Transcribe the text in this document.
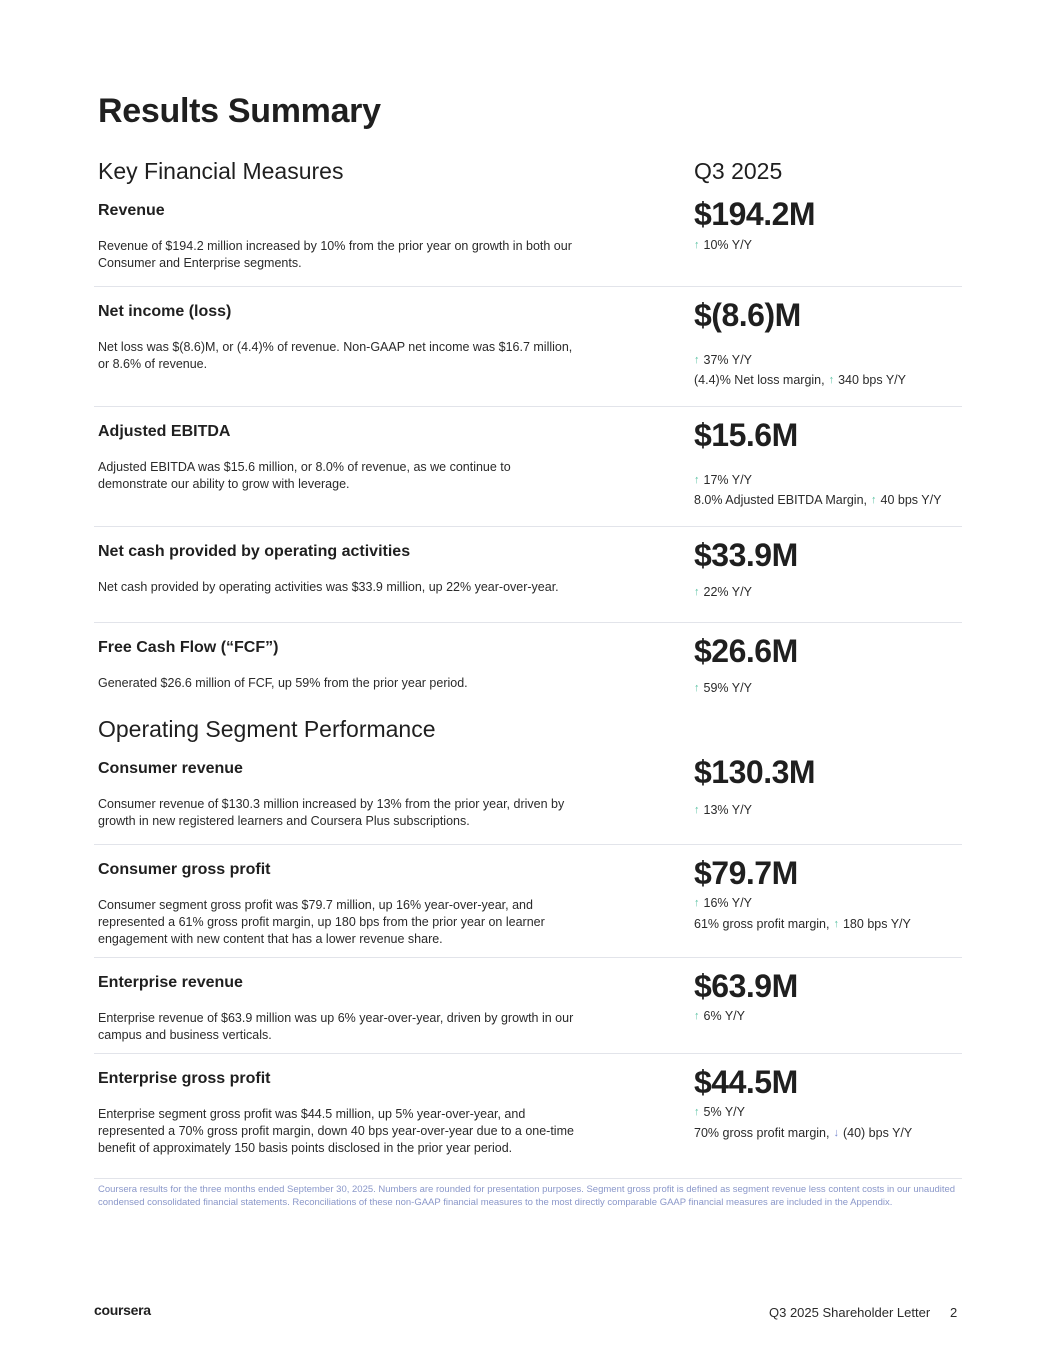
Results Summary
Key Financial Measures	Q3 2025
Revenue
Revenue of $194.2 million increased by 10% from the prior year on growth in both our Consumer and Enterprise segments.
$194.2M
↑ 10% Y/Y
Net income (loss)
Net loss was $(8.6)M, or (4.4)% of revenue. Non-GAAP net income was $16.7 million, or 8.6% of revenue.
$(8.6)M
↑ 37% Y/Y
(4.4)% Net loss margin, ↑ 340 bps Y/Y
Adjusted EBITDA
Adjusted EBITDA was $15.6 million, or 8.0% of revenue, as we continue to demonstrate our ability to grow with leverage.
$15.6M
↑ 17% Y/Y
8.0% Adjusted EBITDA Margin, ↑ 40 bps Y/Y
Net cash provided by operating activities
Net cash provided by operating activities was $33.9 million, up 22% year-over-year.
$33.9M
↑ 22% Y/Y
Free Cash Flow (“FCF”)
Generated $26.6 million of FCF, up 59% from the prior year period.
$26.6M
↑ 59% Y/Y
Operating Segment Performance
Consumer revenue
Consumer revenue of $130.3 million increased by 13% from the prior year, driven by growth in new registered learners and Coursera Plus subscriptions.
$130.3M
↑ 13% Y/Y
Consumer gross profit
Consumer segment gross profit was $79.7 million, up 16% year-over-year, and represented a 61% gross profit margin, up 180 bps from the prior year on learner engagement with new content that has a lower revenue share.
$79.7M
↑ 16% Y/Y
61% gross profit margin, ↑ 180 bps Y/Y
Enterprise revenue
Enterprise revenue of $63.9 million was up 6% year-over-year, driven by growth in our campus and business verticals.
$63.9M
↑ 6% Y/Y
Enterprise gross profit
Enterprise segment gross profit was $44.5 million, up 5% year-over-year, and represented a 70% gross profit margin, down 40 bps year-over-year due to a one-time benefit of approximately 150 basis points disclosed in the prior year period.
$44.5M
↑ 5% Y/Y
70% gross profit margin, ↓ (40) bps Y/Y
Coursera results for the three months ended September 30, 2025. Numbers are rounded for presentation purposes. Segment gross profit is defined as segment revenue less content costs in our unaudited condensed consolidated financial statements. Reconciliations of these non-GAAP financial measures to the most directly comparable GAAP financial measures are included in the Appendix.
coursera	Q3 2025 Shareholder Letter 2
